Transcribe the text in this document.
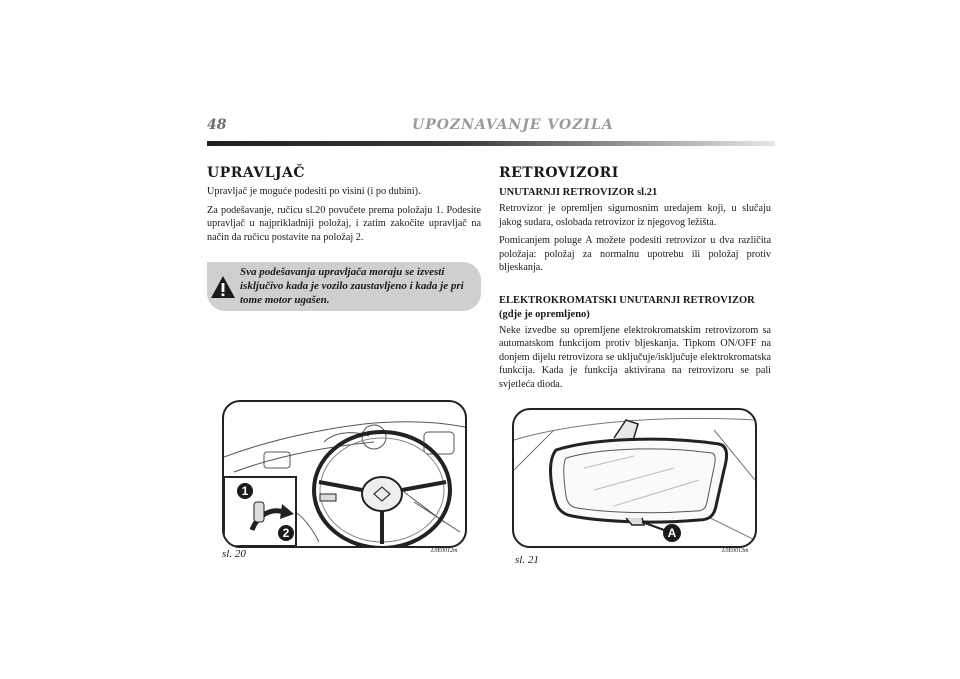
48	UPOZNAVANJE VOZILA
UPRAVLJAČ

Upravljač je moguće podesiti po visini (i po dubini).

Za podešavanje, ručicu sl.20 povučete prema položaju 1. Podesite upravljač u najprikladniji položaj, i zatim zakočite upravljač na način da ručicu postavite na položaj 2.

Sva podešavanja upravljača moraju se izvesti isključivo kada je vozilo zaustavljeno i kada je pri tome motor ugašen.
RETROVIZORI
UNUTARNJI RETROVIZOR sl.21

Retrovizor je opremljen sigurnosnim uredajem koji, u slučaju jakog sudara, oslobada retrovizor iz njegovog ležišta.

Pomicanjem poluge A možete podesiti retrovizor u dva različita položaja: položaj za normalnu upotrebu ili položaj protiv bljeskanja.

ELEKTROKROMATSKI UNUTARNJI RETROVIZOR
(gdje je opremljeno)

Neke izvedbe su opremljene elektrokromatskim retrovizorom sa automatskom funkcijom protiv bljeskanja. Tipkom ON/OFF na donjem dijelu retrovizora se uključuje/isključuje elektrokromatska funkcija. Kada je funkcija aktivirana na retrovizoru se pali svjetleća dioda.

1
2
sl. 20	L0E0012m
A
sl. 21
L0E0013m
